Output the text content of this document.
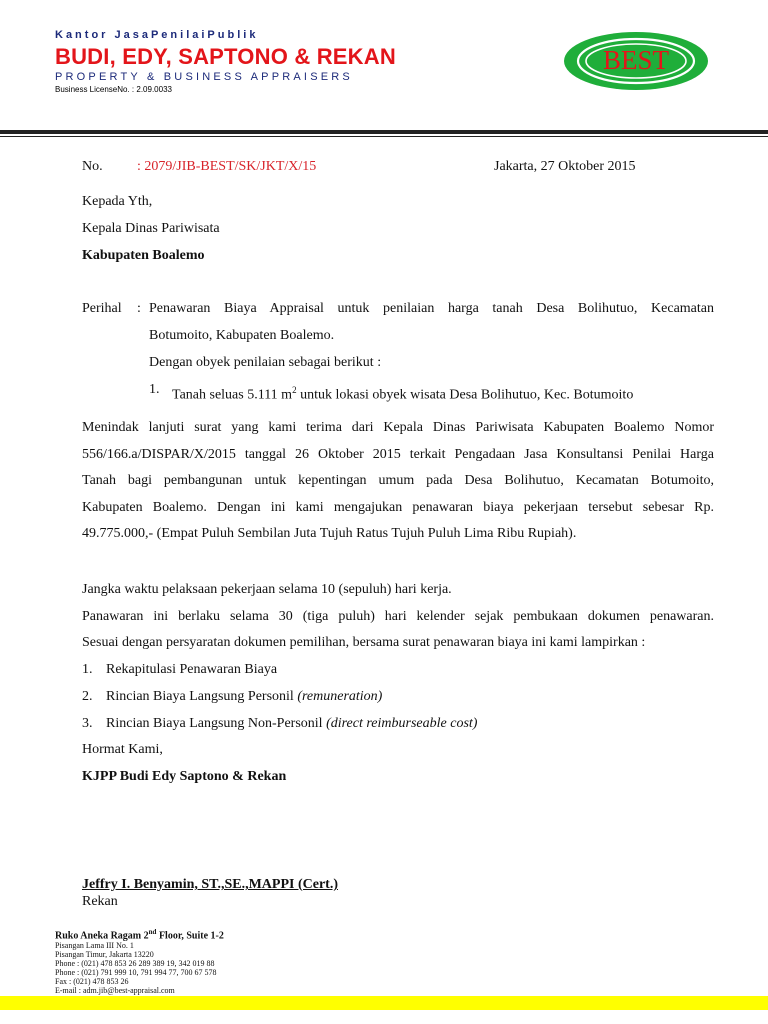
Kantor JasaPenilaiPublik
BUDI, EDY, SAPTONO & REKAN
PROPERTY & BUSINESS APPRAISERS
Business LicenseNo. : 2.09.0033
BEST
No. : 2079/JIB-BEST/SK/JKT/X/15	Jakarta, 27 Oktober 2015
Kepada Yth,
Kepala Dinas Pariwisata
Kabupaten Boalemo
Perihal : Penawaran Biaya Appraisal untuk penilaian harga tanah Desa Bolihutuo, Kecamatan

Botumoito, Kabupaten Boalemo.
Dengan obyek penilaian sebagai berikut :
1. Tanah seluas 5.111 $m^2$ untuk lokasi obyek wisata Desa Bolihutuo, Kec. Botumoito

Menindak lanjuti surat yang kami terima dari Kepala Dinas Pariwisata Kabupaten Boalemo Nomor

556/166.a/DISPAR/X/2015 tanggal 26 Oktober 2015 terkait Pengadaan Jasa Konsultansi Penilai Harga

Tanah bagi pembangunan untuk kepentingan umum pada Desa Bolihutuo, Kecamatan Botumoito,

Kabupaten Boalemo. Dengan ini kami mengajukan penawaran biaya pekerjaan tersebut sebesar Rp.

49.775.000,- (Empat Puluh Sembilan Juta Tujuh Ratus Tujuh Puluh Lima Ribu Rupiah).

Jangka waktu pelaksaan pekerjaan selama 10 (sepuluh) hari kerja.

Panawaran ini berlaku selama 30 (tiga puluh) hari kelender sejak pembukaan dokumen penawaran.

Sesuai dengan persyaratan dokumen pemilihan, bersama surat penawaran biaya ini kami lampirkan :
1. Rekapitulasi Penawaran Biaya
2. Rincian Biaya Langsung Personil (remuneration)
3. Rincian Biaya Langsung Non-Personil (direct reimburseable cost)
Hormat Kami,
KJPP Budi Edy Saptono & Rekan
Jeffry I. Benyamin, ST.,SE.,MAPPI (Cert.)
Rekan
Ruko Aneka Ragam 2nd Floor, Suite 1-2
Pisangan Lama III No. 1
Pisangan Timur, Jakarta 13220
Phone : (021) 478 853 26 289 389 19, 342 019 88
Phone : (021) 791 999 10, 791 994 77, 700 67 578
Fax : (021) 478 853 26
E-mail : adm.jib@best-appraisal.com
